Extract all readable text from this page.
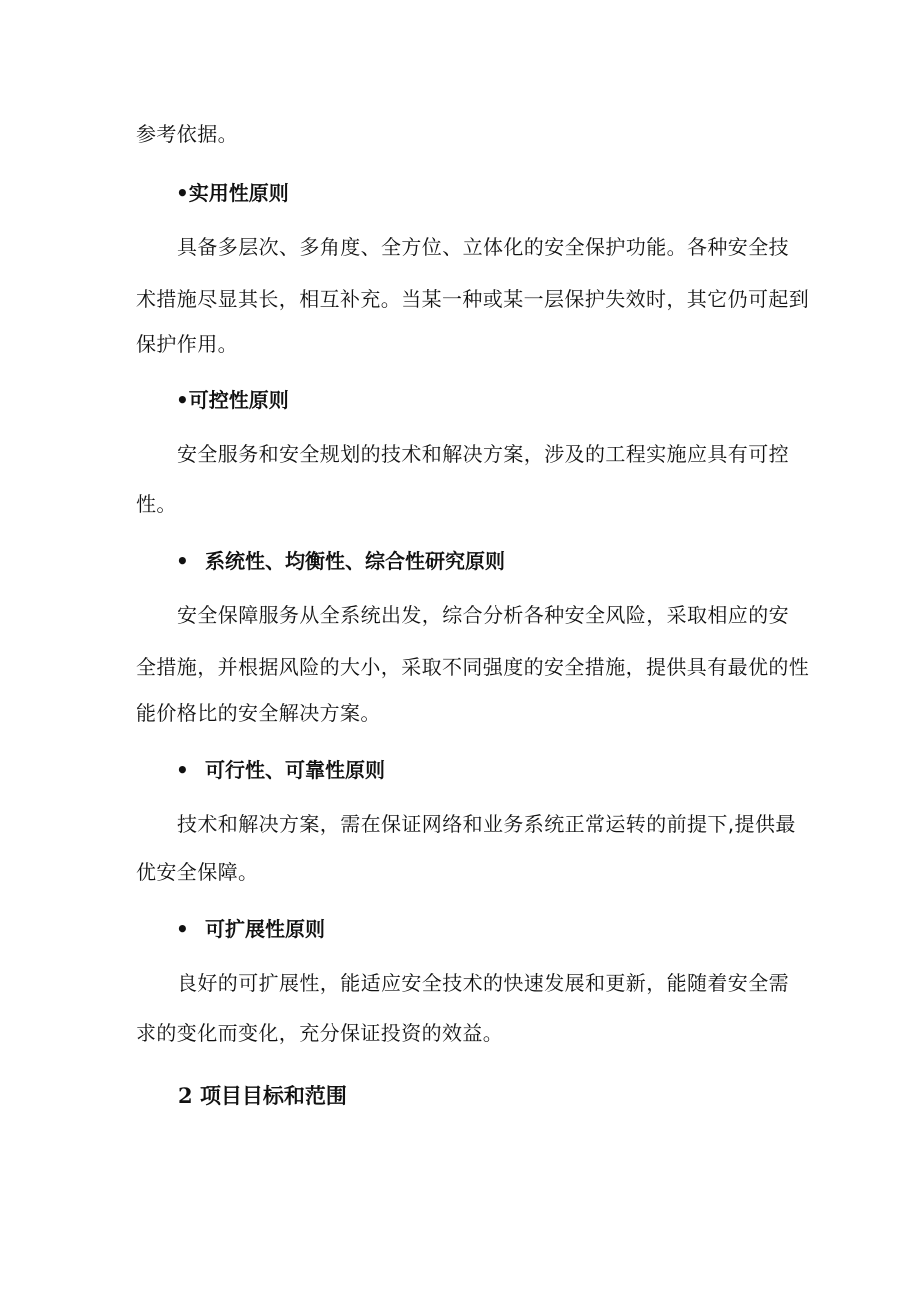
参考依据。
•实用性原则
具备多层次、多角度、全方位、立体化的安全保护功能。各种安全技
术措施尽显其长，相互补充。当某一种或某一层保护失效时，其它仍可起到
保护作用。
•可控性原则
安全服务和安全规划的技术和解决方案，涉及的工程实施应具有可控
性。
• 系统性、均衡性、综合性研究原则
安全保障服务从全系统出发，综合分析各种安全风险，采取相应的安
全措施，并根据风险的大小，采取不同强度的安全措施，提供具有最优的性
能价格比的安全解决方案。
• 可行性、可靠性原则
技术和解决方案，需在保证网络和业务系统正常运转的前提下,提供最
优安全保障。
• 可扩展性原则
良好的可扩展性，能适应安全技术的快速发展和更新，能随着安全需
求的变化而变化，充分保证投资的效益。
2 项目目标和范围
